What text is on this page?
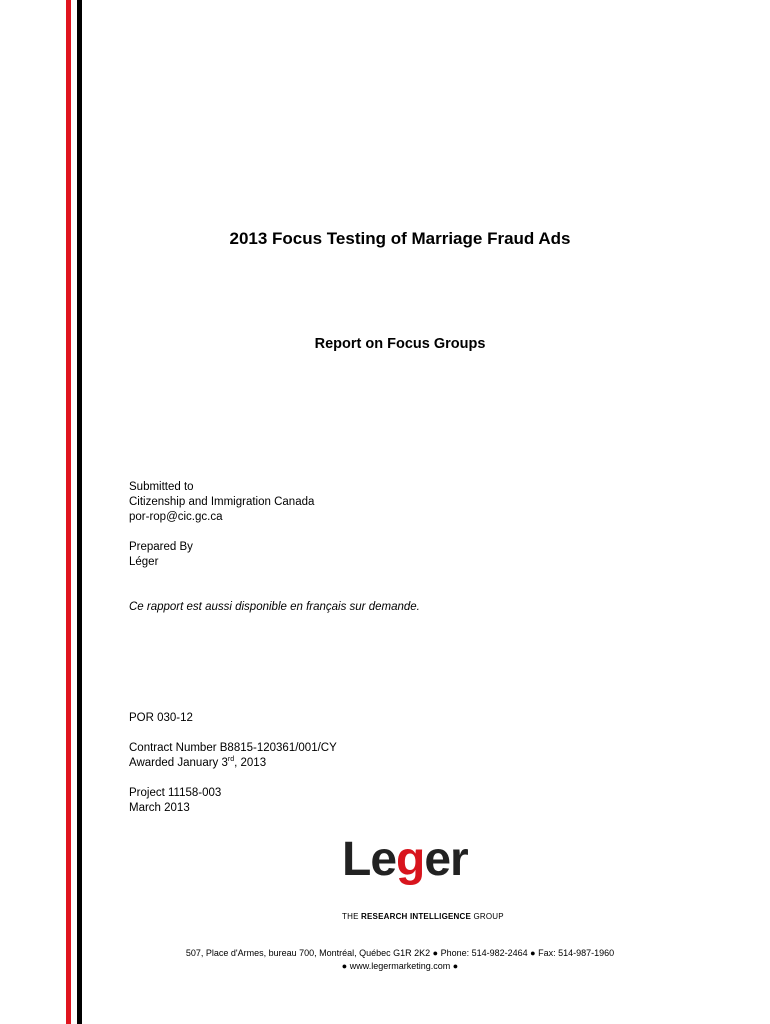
2013 Focus Testing of Marriage Fraud Ads
Report on Focus Groups
Submitted to
Citizenship and Immigration Canada
por-rop@cic.gc.ca
Prepared By
Léger
Ce rapport est aussi disponible en français sur demande.
POR 030-12
Contract Number B8815-120361/001/CY
Awarded January 3rd, 2013
Project 11158-003
March 2013
Leger
THE RESEARCH INTELLIGENCE GROUP
507, Place d'Armes, bureau 700, Montréal, Québec G1R 2K2 ● Phone: 514-982-2464 ● Fax: 514-987-1960
● www.legermarketing.com ●
